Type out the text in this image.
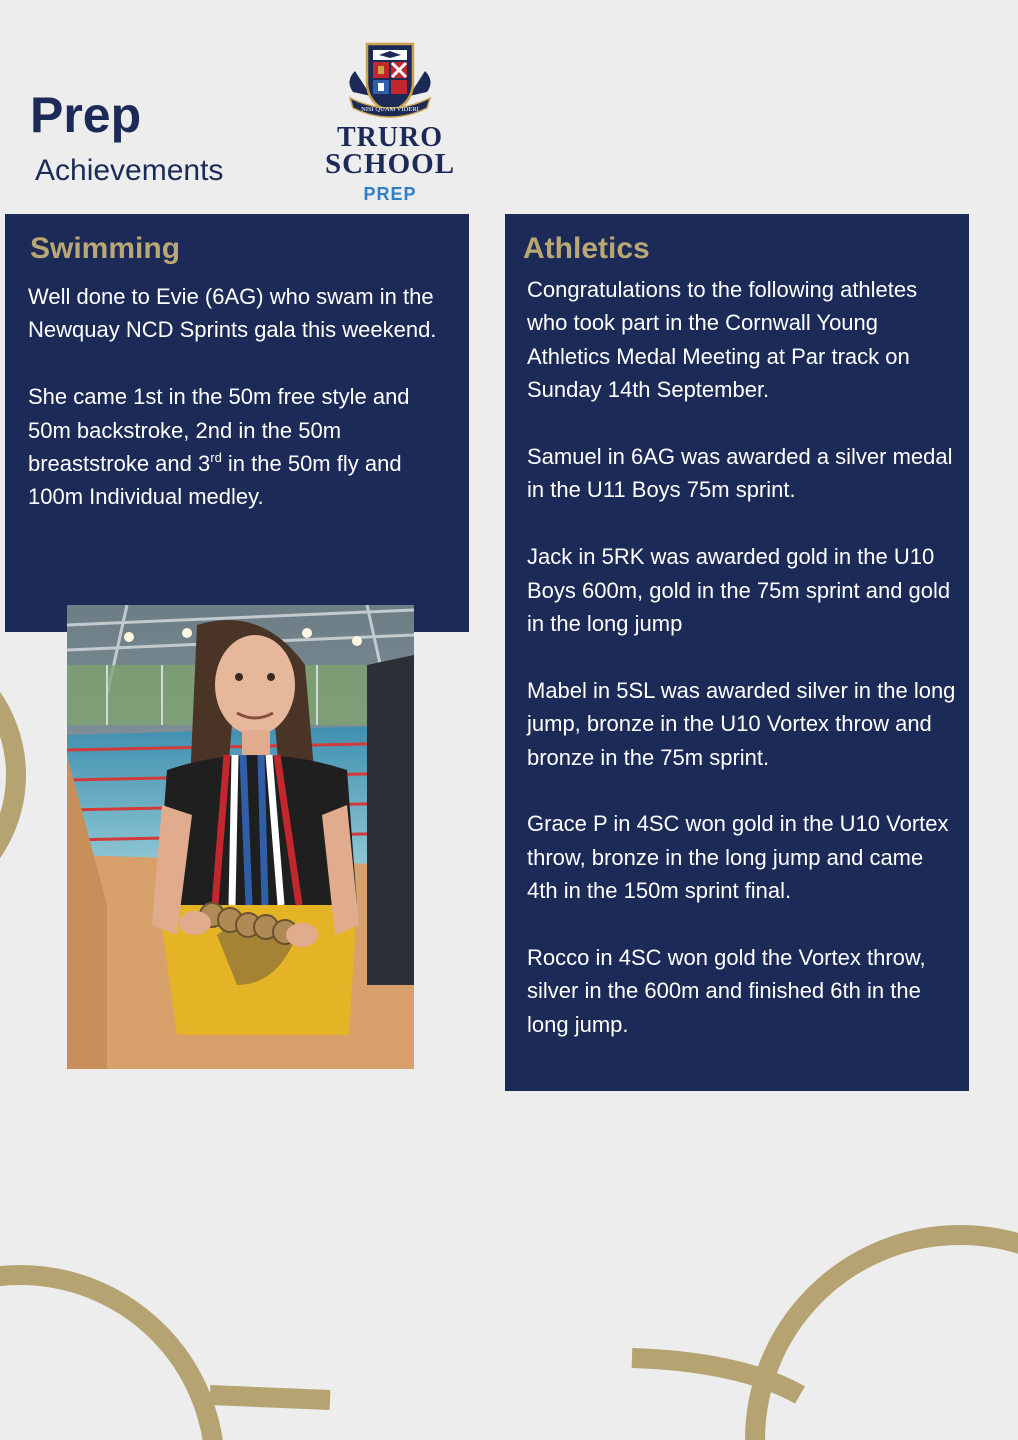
Prep
Achievements
NISI QUAM VIDERI
TRURO
SCHOOL
PREP
Swimming

Well done to Evie (6AG) who swam in the Newquay NCD Sprints gala this weekend.

She came 1st in the 50m free style and 50m backstroke, 2nd in the 50m breaststroke and 3rd in the 50m fly and 100m Individual medley.

Athletics

Congratulations to the following athletes who took part in the Cornwall Young Athletics Medal Meeting at Par track on Sunday 14th September.

Samuel in 6AG was awarded a silver medal in the U11 Boys 75m sprint.

Jack in 5RK was awarded gold in the U10 Boys 600m, gold in the 75m sprint and gold in the long jump

Mabel in 5SL was awarded silver in the long jump, bronze in the U10 Vortex throw and bronze in the 75m sprint.

Grace P in 4SC won gold in the U10 Vortex throw, bronze in the long jump and came 4th in the 150m sprint final.

Rocco in 4SC won gold the Vortex throw, silver in the 600m and finished 6th in the long jump.
